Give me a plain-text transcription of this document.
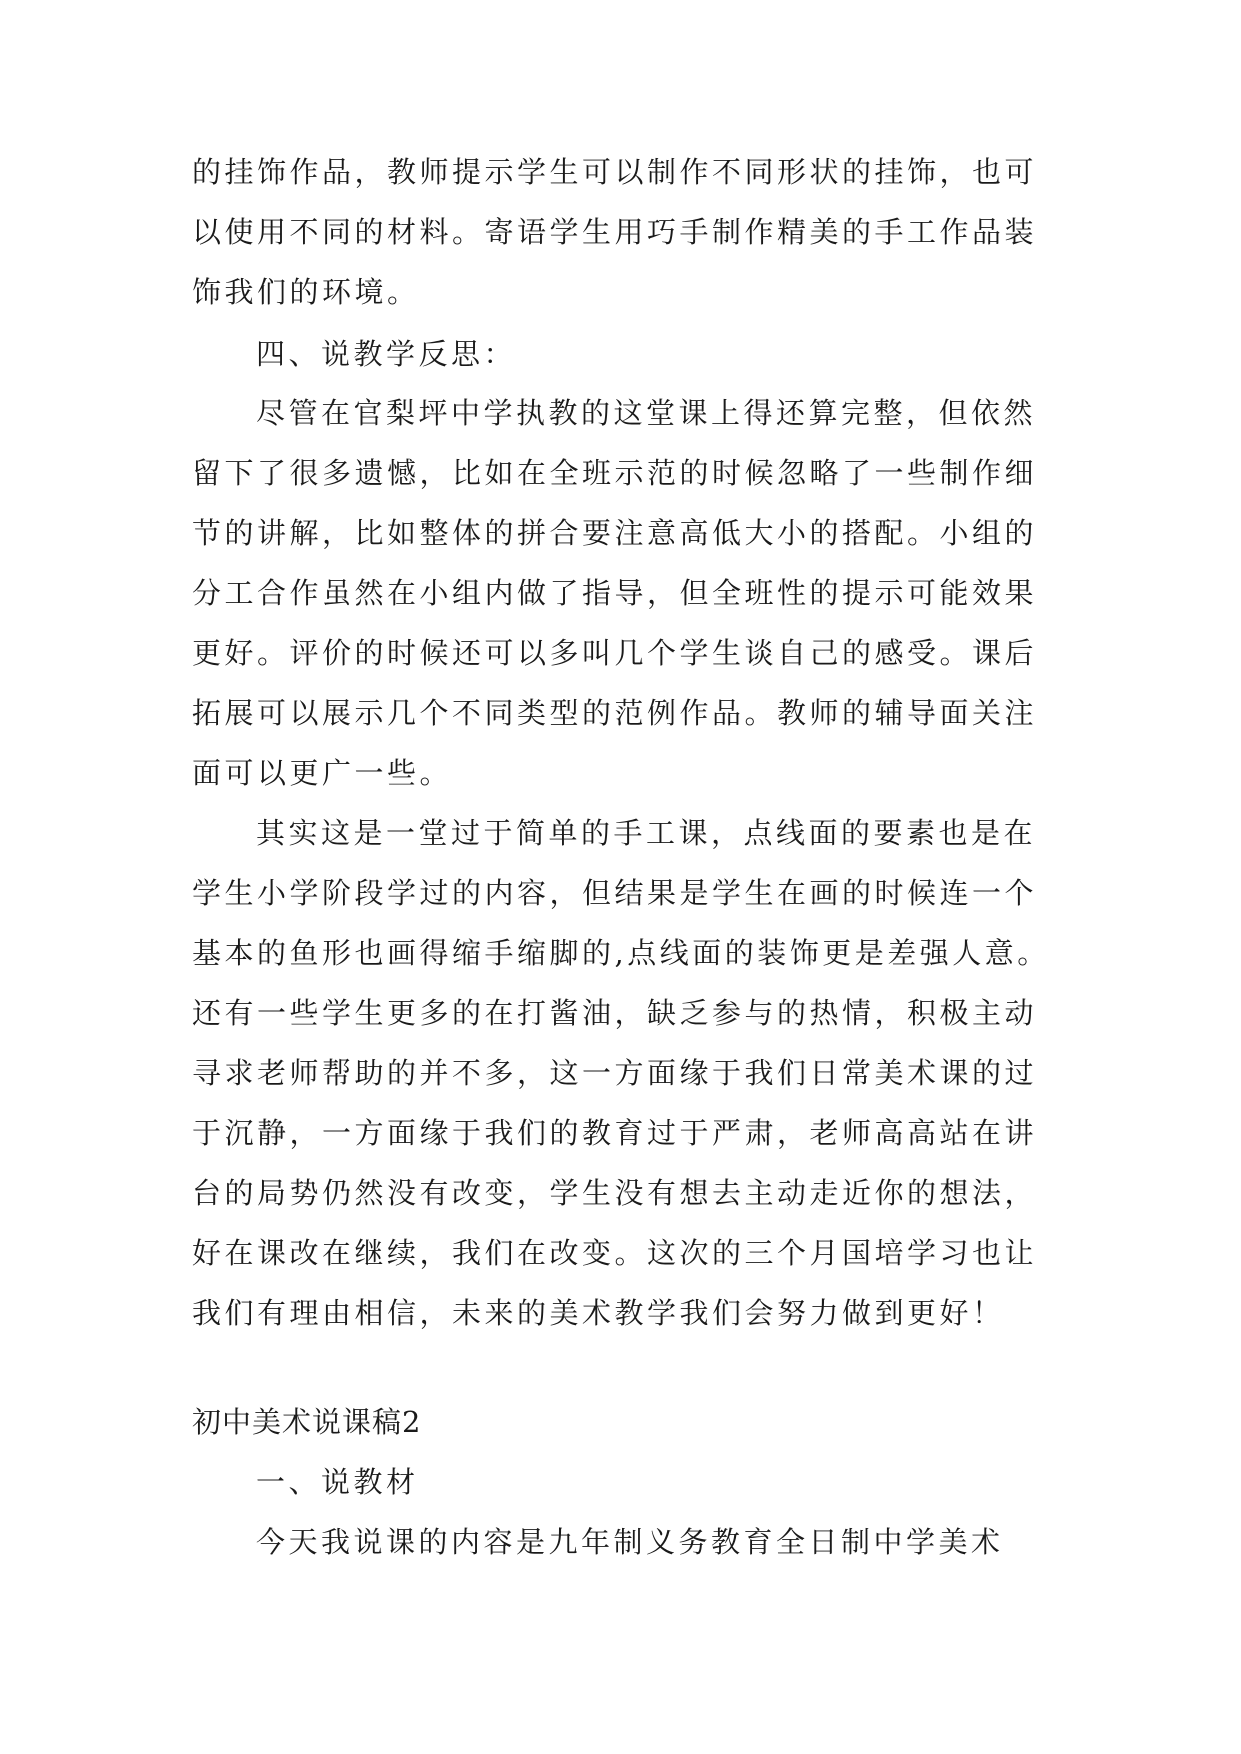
的挂饰作品，教师提示学生可以制作不同形状的挂饰，也可
以使用不同的材料。寄语学生用巧手制作精美的手工作品装
饰我们的环境。
四、说教学反思：
尽管在官梨坪中学执教的这堂课上得还算完整，但依然
留下了很多遗憾，比如在全班示范的时候忽略了一些制作细
节的讲解，比如整体的拼合要注意高低大小的搭配。小组的
分工合作虽然在小组内做了指导，但全班性的提示可能效果
更好。评价的时候还可以多叫几个学生谈自己的感受。课后
拓展可以展示几个不同类型的范例作品。教师的辅导面关注
面可以更广一些。
其实这是一堂过于简单的手工课，点线面的要素也是在
学生小学阶段学过的内容，但结果是学生在画的时候连一个
基本的鱼形也画得缩手缩脚的,点线面的装饰更是差强人意。
还有一些学生更多的在打酱油，缺乏参与的热情，积极主动
寻求老师帮助的并不多，这一方面缘于我们日常美术课的过
于沉静，一方面缘于我们的教育过于严肃，老师高高站在讲
台的局势仍然没有改变，学生没有想去主动走近你的想法，
好在课改在继续，我们在改变。这次的三个月国培学习也让
我们有理由相信，未来的美术教学我们会努力做到更好！
初中美术说课稿2
一、说教材
今天我说课的内容是九年制义务教育全日制中学美术
